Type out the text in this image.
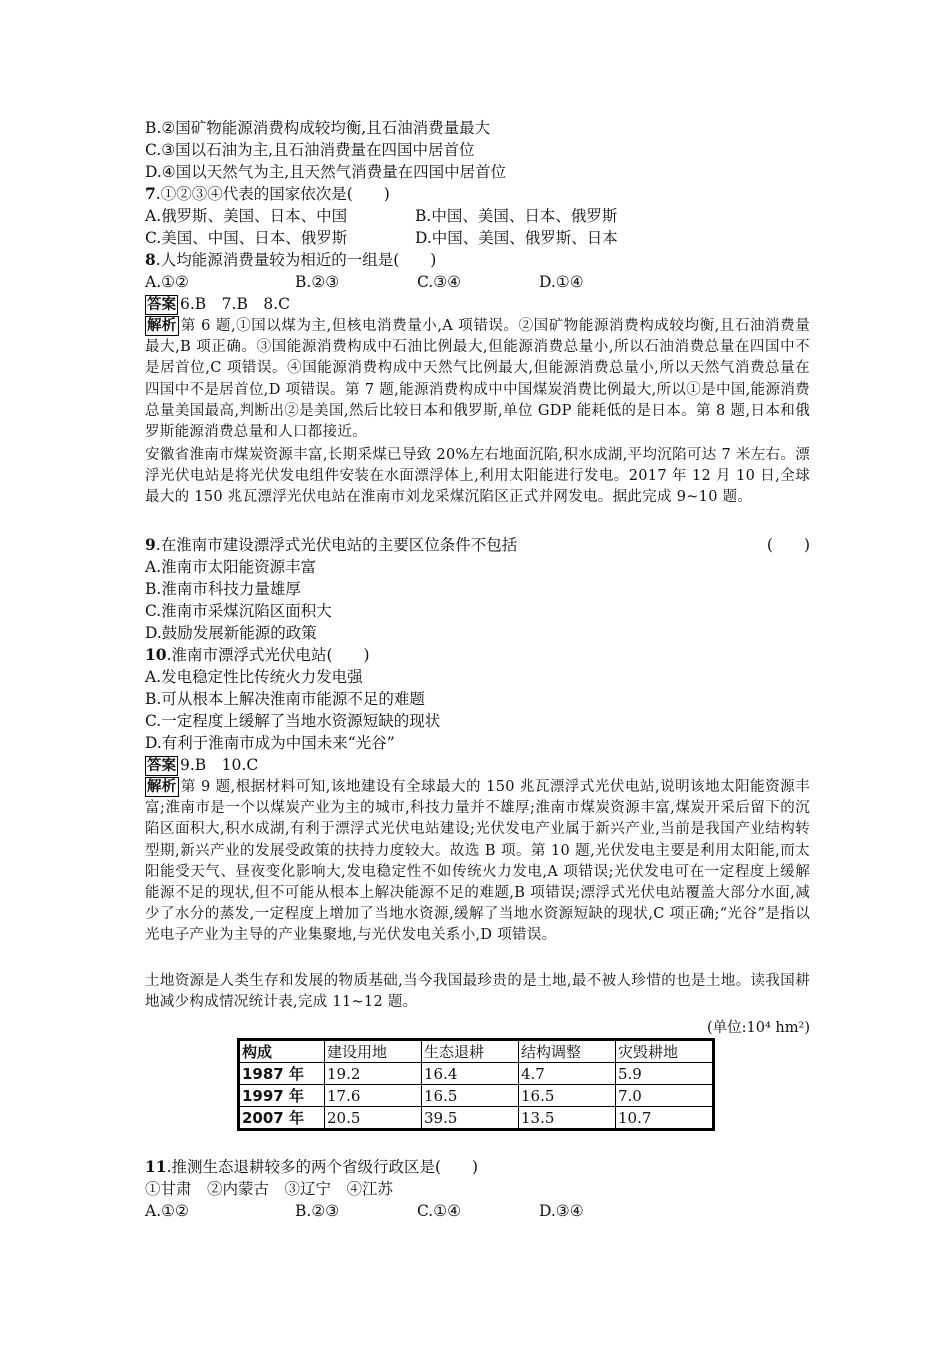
B.②国矿物能源消费构成较均衡,且石油消费量最大
C.③国以石油为主,且石油消费量在四国中居首位
D.④国以天然气为主,且天然气消费量在四国中居首位
7.①②③④代表的国家依次是(　　)
A.俄罗斯、美国、日本、中国	B.中国、美国、日本、俄罗斯
C.美国、中国、日本、俄罗斯	D.中国、美国、俄罗斯、日本
8.人均能源消费量较为相近的一组是(　　)
A.①②	B.②③	C.③④	D.①④
答案 6.B　7.B　8.C
解析 第 6 题,①国以煤为主,但核电消费量小,A 项错误。②国矿物能源消费构成较均衡,且石油消费量最大,B 项正确。③国能源消费构成中石油比例最大,但能源消费总量小,所以石油消费总量在四国中不是居首位,C 项错误。④国能源消费构成中天然气比例最大,但能源消费总量小,所以天然气消费总量在四国中不是居首位,D 项错误。第 7 题,能源消费构成中中国煤炭消费比例最大,所以①是中国,能源消费总量美国最高,判断出②是美国,然后比较日本和俄罗斯,单位 GDP 能耗低的是日本。第 8 题,日本和俄罗斯能源消费总量和人口都接近。
安徽省淮南市煤炭资源丰富,长期采煤已导致 20%左右地面沉陷,积水成湖,平均沉陷可达 7 米左右。漂浮光伏电站是将光伏发电组件安装在水面漂浮体上,利用太阳能进行发电。2017 年 12 月 10 日,全球最大的 150 兆瓦漂浮光伏电站在淮南市刘龙采煤沉陷区正式并网发电。据此完成 9~10 题。
9.在淮南市建设漂浮式光伏电站的主要区位条件不包括	(　　)
A.淮南市太阳能资源丰富
B.淮南市科技力量雄厚
C.淮南市采煤沉陷区面积大
D.鼓励发展新能源的政策
10.淮南市漂浮式光伏电站(　　)
A.发电稳定性比传统火力发电强
B.可从根本上解决淮南市能源不足的难题
C.一定程度上缓解了当地水资源短缺的现状
D.有利于淮南市成为中国未来“光谷”
答案 9.B　10.C
解析 第 9 题,根据材料可知,该地建设有全球最大的 150 兆瓦漂浮式光伏电站,说明该地太阳能资源丰富;淮南市是一个以煤炭产业为主的城市,科技力量并不雄厚;淮南市煤炭资源丰富,煤炭开采后留下的沉陷区面积大,积水成湖,有利于漂浮式光伏电站建设;光伏发电产业属于新兴产业,当前是我国产业结构转型期,新兴产业的发展受政策的扶持力度较大。故选 B 项。第 10 题,光伏发电主要是利用太阳能,而太阳能受天气、昼夜变化影响大,发电稳定性不如传统火力发电,A 项错误;光伏发电可在一定程度上缓解能源不足的现状,但不可能从根本上解决能源不足的难题,B 项错误;漂浮式光伏电站覆盖大部分水面,减少了水分的蒸发,一定程度上增加了当地水资源,缓解了当地水资源短缺的现状,C 项正确;“光谷”是指以光电子产业为主导的产业集聚地,与光伏发电关系小,D 项错误。
土地资源是人类生存和发展的物质基础,当今我国最珍贵的是土地,最不被人珍惜的也是土地。读我国耕地减少构成情况统计表,完成 11~12 题。
(单位:10⁴ hm²)
构成	建设用地	生态退耕	结构调整	灾毁耕地
1987 年	19.2	16.4	4.7	5.9
1997 年	17.6	16.5	16.5	7.0
2007 年	20.5	39.5	13.5	10.7
11.推测生态退耕较多的两个省级行政区是(　　)
①甘肃　②内蒙古　③辽宁　④江苏
A.①②	B.②③	C.①④	D.③④
